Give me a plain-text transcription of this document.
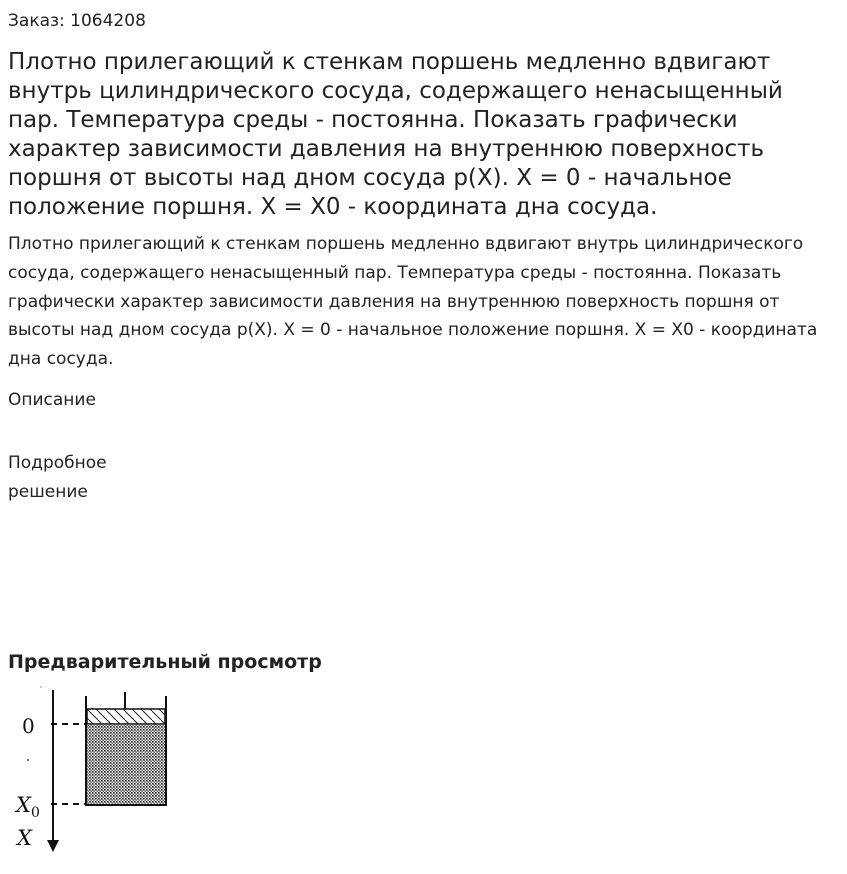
Заказ: 1064208
Плотно прилегающий к стенкам поршень медленно вдвигают внутрь цилиндрического сосуда, содержащего ненасыщенный пар. Температура среды - постоянна. Показать графически характер зависимости давления на внутреннюю поверхность поршня от высоты над дном сосуда p(X). X = 0 - начальное положение поршня. X = X0 - координата дна сосуда.

Плотно прилегающий к стенкам поршень медленно вдвигают внутрь цилиндрического сосуда, содержащего ненасыщенный пар. Температура среды - постоянна. Показать графически характер зависимости давления на внутреннюю поверхность поршня от высоты над дном сосуда p(X). X = 0 - начальное положение поршня. X = X0 - координата дна сосуда.

Описание
Подробное решение
Предварительный просмотр
0
$X_0$
X
